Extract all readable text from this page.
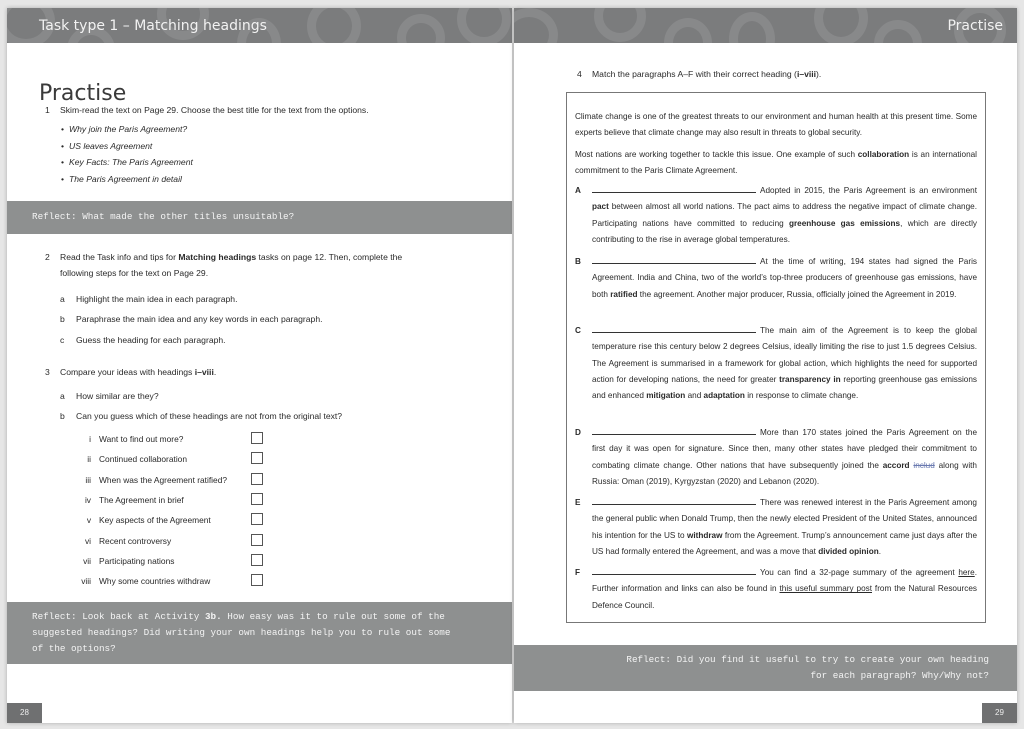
Task type 1 – Matching headings
Practise
1	Skim-read the text on Page 29. Choose the best title for the text from the options.
• Why join the Paris Agreement?
• US leaves Agreement
• Key Facts: The Paris Agreement
• The Paris Agreement in detail
Reflect: What made the other titles unsuitable?
2	Read the Task info and tips for Matching headings tasks on page 12. Then, complete the
following steps for the text on Page 29.
a Highlight the main idea in each paragraph.
b Paraphrase the main idea and any key words in each paragraph.
c Guess the heading for each paragraph.
3	Compare your ideas with headings i–viii.
a How similar are they?
b Can you guess which of these headings are not from the original text?
i Want to find out more?
ii Continued collaboration
iii When was the Agreement ratified?
iv The Agreement in brief
v Key aspects of the Agreement
vi Recent controversy
vii Participating nations
viii Why some countries withdraw
Reflect: Look back at Activity 3b. How easy was it to rule out some of the
suggested headings? Did writing your own headings help you to rule out some
of the options?
28
Practise
4	Match the paragraphs A–F with their correct heading (i–viii).
Climate change is one of the greatest threats to our environment and human health at this present time. Some experts believe that climate change may also result in threats to global security.
Most nations are working together to tackle this issue. One example of such collaboration is an international commitment to the Paris Climate Agreement.
A	Adopted in 2015, the Paris Agreement is an environment pact between almost all world nations. The pact aims to address the negative impact of climate change. Participating nations have committed to reducing greenhouse gas emissions, which are directly contributing to the rise in average global temperatures.
B	At the time of writing, 194 states had signed the Paris Agreement. India and China, two of the world’s top-three producers of greenhouse gas emissions, have both ratified the agreement. Another major producer, Russia, officially joined the Agreement in 2019.
C	The main aim of the Agreement is to keep the global temperature rise this century below 2 degrees Celsius, ideally limiting the rise to just 1.5 degrees Celsius. The Agreement is summarised in a framework for global action, which highlights the need for supported action for developing nations, the need for greater transparency in reporting greenhouse gas emissions and enhanced mitigation and adaptation in response to climate change.
D	More than 170 states joined the Paris Agreement on the first day it was open for signature. Since then, many other states have pledged their commitment to combating climate change. Other nations that have subsequently joined the accord includ along with Russia: Oman (2019), Kyrgyzstan (2020) and Lebanon (2020).
E	There was renewed interest in the Paris Agreement among the general public when Donald Trump, then the newly elected President of the United States, announced his intention for the US to withdraw from the Agreement. Trump’s announcement came just days after the US had formally entered the Agreement, and was a move that divided opinion.
F	You can find a 32-page summary of the agreement here. Further information and links can also be found in this useful summary post from the Natural Resources Defence Council.
Reflect: Did you find it useful to try to create your own heading
for each paragraph? Why/Why not?
29
